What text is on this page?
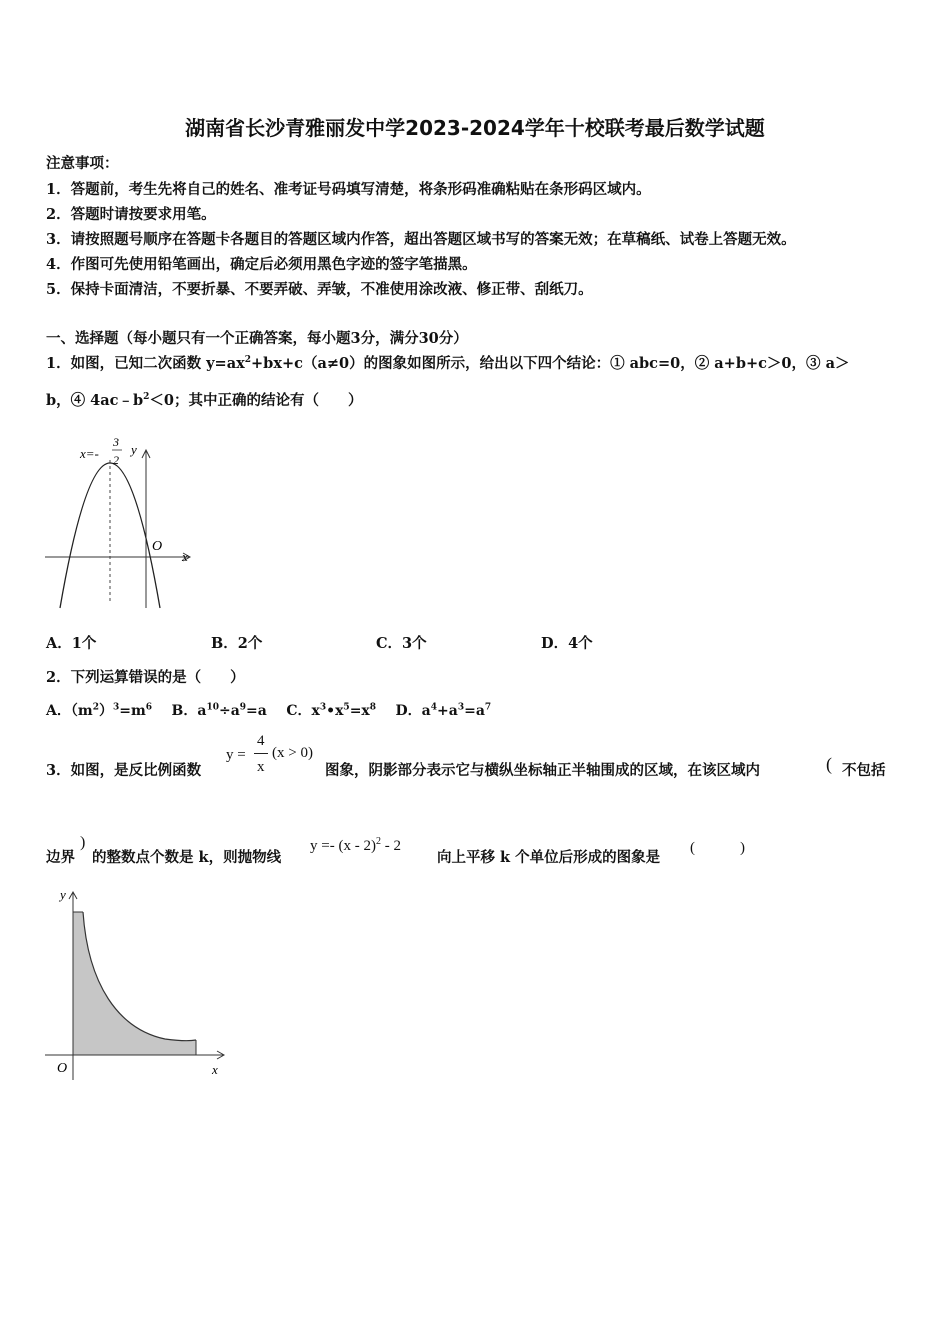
湖南省长沙青雅丽发中学2023-2024学年十校联考最后数学试题
注意事项：
1．答题前，考生先将自己的姓名、准考证号码填写清楚，将条形码准确粘贴在条形码区域内。
2．答题时请按要求用笔。
3．请按照题号顺序在答题卡各题目的答题区域内作答，超出答题区域书写的答案无效；在草稿纸、试卷上答题无效。
4．作图可先使用铅笔画出，确定后必须用黑色字迹的签字笔描黑。
5．保持卡面清洁，不要折暴、不要弄破、弄皱，不准使用涂改液、修正带、刮纸刀。
一、选择题（每小题只有一个正确答案，每小题3分，满分30分）
1．如图，已知二次函数 $y=ax^2+bx+c(a\ne 0)$的图象如图所示，给出以下四个结论：① abc=0，② a+b+c＞0，③ a＞
b，④ $4ac﹣b^2<0$；其中正确的结论有（　　）
x
y
O
x=-
3
2
A．1个	B．2个	C．3个	D．4个
2．下列运算错误的是（　　）
A．$(m^2)^3=m^6$ B．$a^{10}\div a^9=a$ C．$x^3•x^5=x^8$ D．$a^4+a^3=a^7$
3．如图，是反比例函数
y =
4
x
(x > 0)
图象，阴影部分表示它与横纵坐标轴正半轴围成的区域，在该区域内	( 不包括
边界
)
的整数点个数是 k，则抛物线
y =- (x - 2)$^2$ - 2
向上平移 k 个单位后形成的图象是
(　　　)
y
x
O
